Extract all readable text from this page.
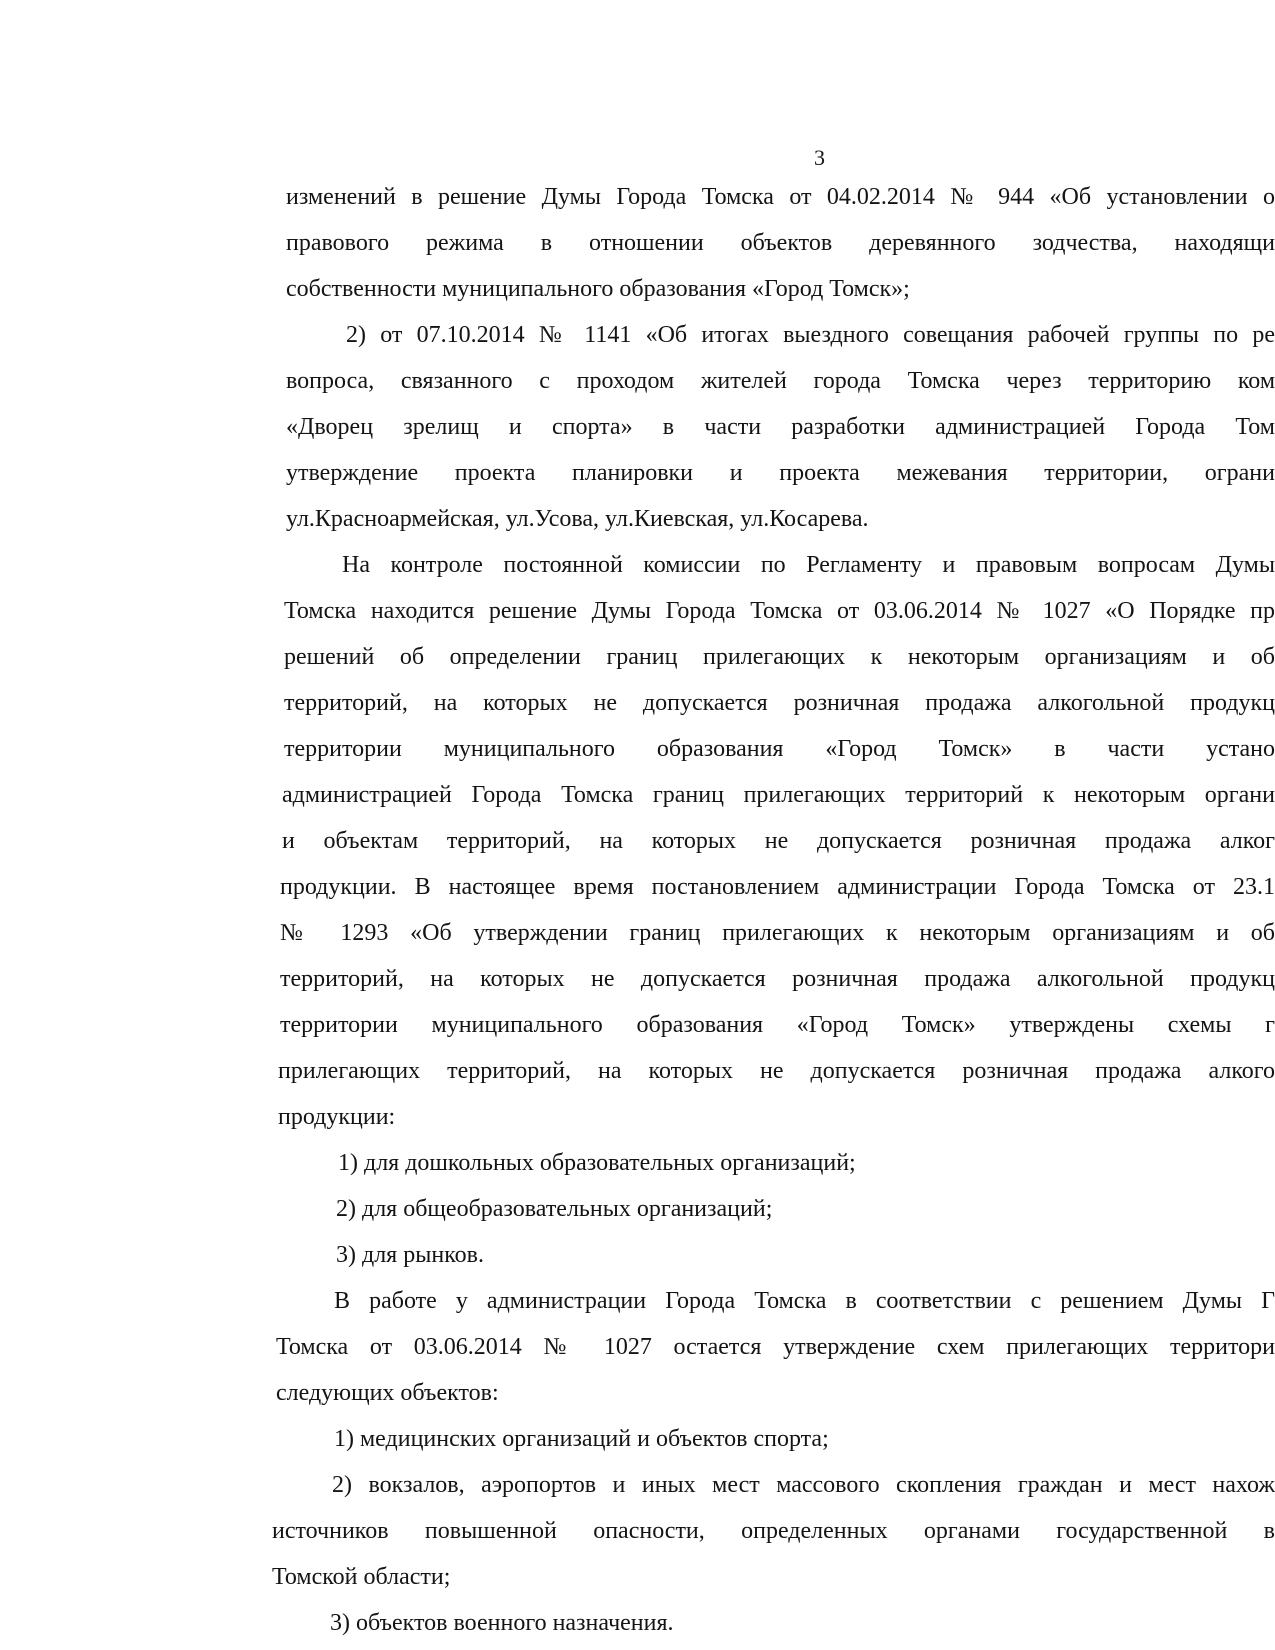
3
изменений в решение Думы Города Томска от 04.02.2014 № 944 «Об установлении о
правового режима в отношении объектов деревянного зодчества, находящи
собственности муниципального образования «Город Томск»;
2) от 07.10.2014 № 1141 «Об итогах выездного совещания рабочей группы по ре
вопроса, связанного с проходом жителей города Томска через территорию ком
«Дворец зрелищ и спорта» в части разработки администрацией Города Том
утверждение проекта планировки и проекта межевания территории, ограни
ул.Красноармейская, ул.Усова, ул.Киевская, ул.Косарева.
На контроле постоянной комиссии по Регламенту и правовым вопросам Думы
Томска находится решение Думы Города Томска от 03.06.2014 № 1027 «О Порядке пр
решений об определении границ прилегающих к некоторым организациям и об
территорий, на которых не допускается розничная продажа алкогольной продукц
территории муниципального образования «Город Томск» в части устано
администрацией Города Томска границ прилегающих территорий к некоторым органи
и объектам территорий, на которых не допускается розничная продажа алког
продукции. В настоящее время постановлением администрации Города Томска от 23.1
№ 1293 «Об утверждении границ прилегающих к некоторым организациям и об
территорий, на которых не допускается розничная продажа алкогольной продукц
территории муниципального образования «Город Томск» утверждены схемы г
прилегающих территорий, на которых не допускается розничная продажа алкого
продукции:
1) для дошкольных образовательных организаций;
2) для общеобразовательных организаций;
3) для рынков.
В работе у администрации Города Томска в соответствии с решением Думы Г
Томска от 03.06.2014 № 1027 остается утверждение схем прилегающих территори
следующих объектов:
1) медицинских организаций и объектов спорта;
2) вокзалов, аэропортов и иных мест массового скопления граждан и мест нахож
источников повышенной опасности, определенных органами государственной в
Томской области;
3) объектов военного назначения.
